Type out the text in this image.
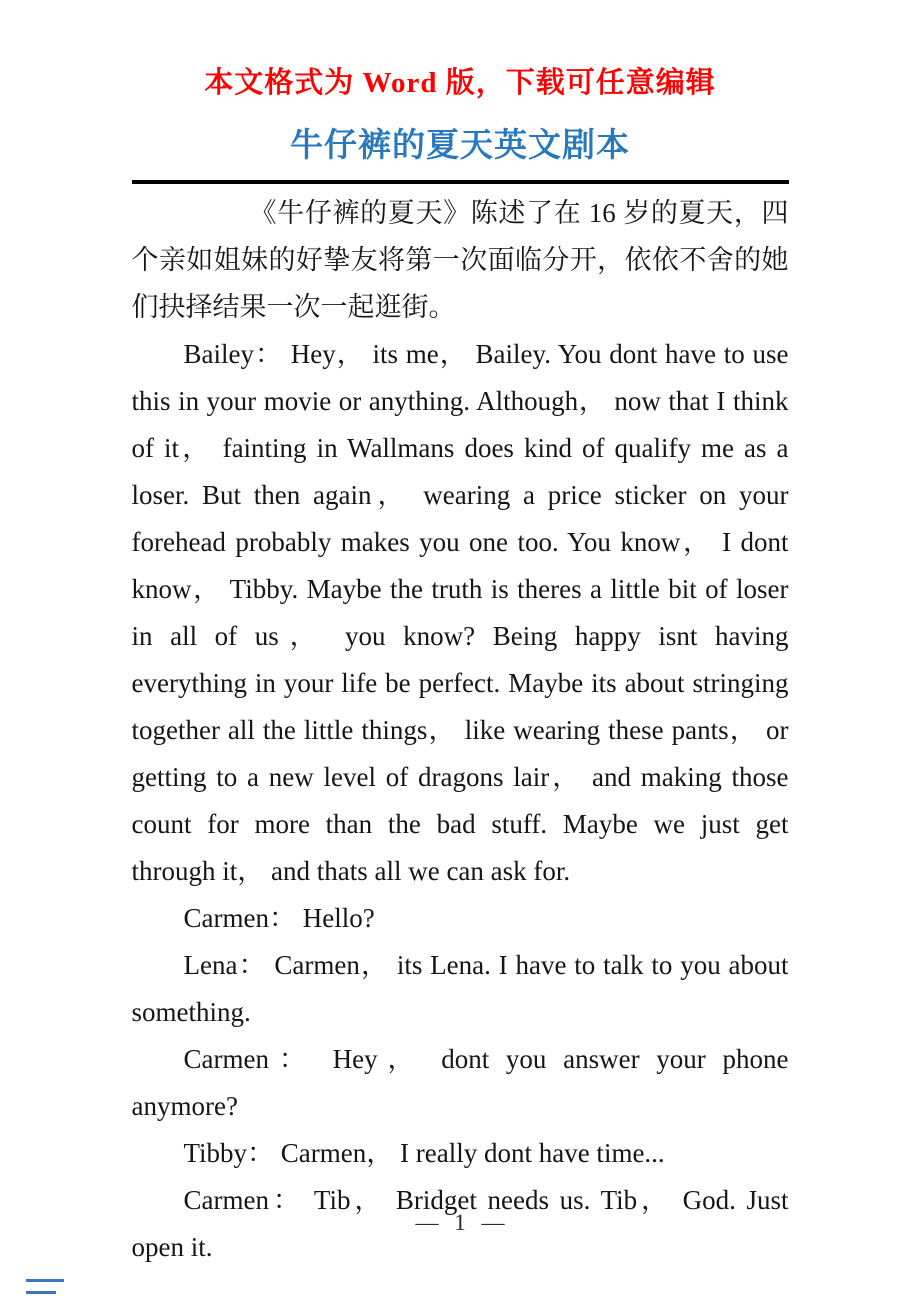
本文格式为 Word 版，下载可任意编辑
牛仔裤的夏天英文剧本

《牛仔裤的夏天》陈述了在 16 岁的夏天，四个亲如姐妹的好挚友将第一次面临分开，依依不舍的她们抉择结果一次一起逛街。

Bailey： Hey， its me， Bailey. You dont have to use this in your movie or anything. Although， now that I think of it， fainting in Wallmans does kind of qualify me as a loser. But then again， wearing a price sticker on your forehead probably makes you one too. You know， I dont know， Tibby. Maybe the truth is theres a little bit of loser in all of us， you know? Being happy isnt having everything in your life be perfect. Maybe its about stringing together all the little things， like wearing these pants， or getting to a new level of dragons lair， and making those count for more than the bad stuff. Maybe we just get through it， and thats all we can ask for.

Carmen： Hello?

Lena： Carmen， its Lena. I have to talk to you about something.

Carmen： Hey， dont you answer your phone anymore?

Tibby： Carmen， I really dont have time...

Carmen： Tib， Bridget needs us. Tib， God. Just open it.

— 1 —
